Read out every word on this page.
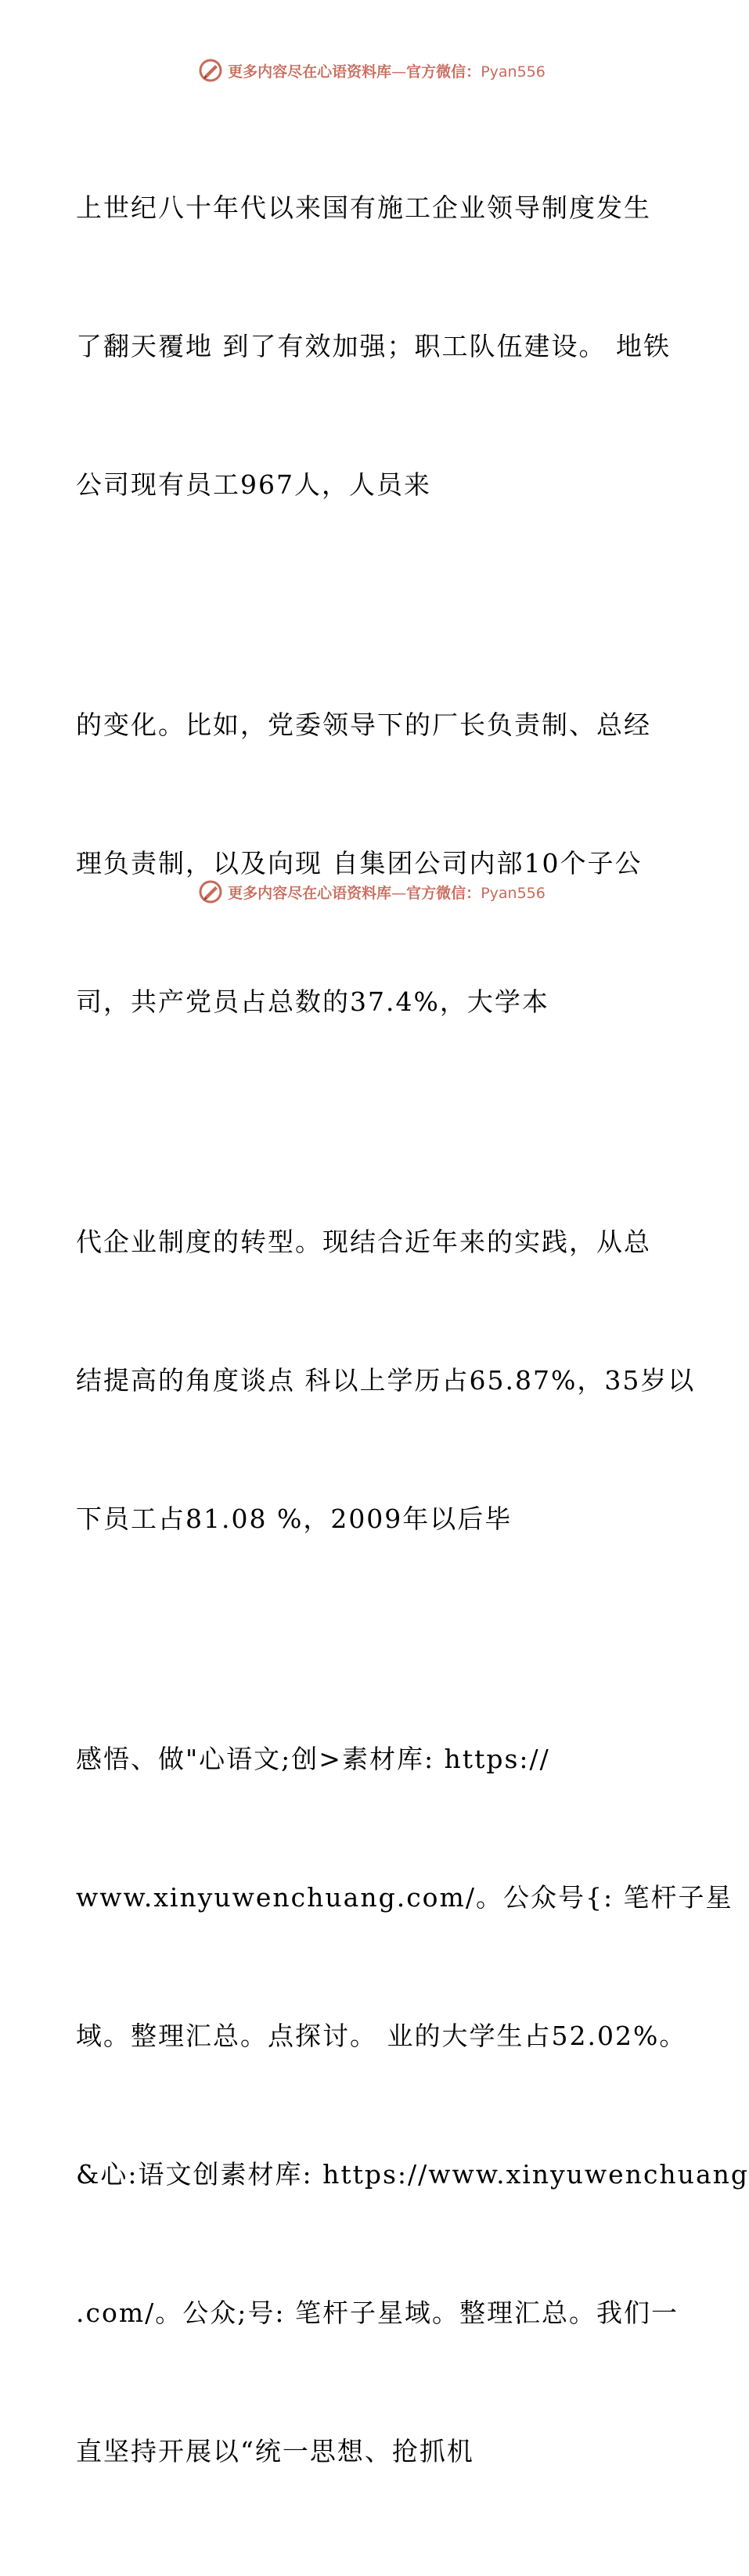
更多内容尽在心语资料库—官方微信：Pyan556

上世纪八十年代以来国有施工企业领导制度发生

了翻天覆地 到了有效加强；职工队伍建设。 地铁

公司现有员工967人，人员来

的变化。比如，党委领导下的厂长负责制、总经

理负责制，以及向现 自集团公司内部10个子公

司，共产党员占总数的37.4%，大学本

代企业制度的转型。现结合近年来的实践，从总

结提高的角度谈点 科以上学历占65.87%，35岁以

下员工占81.08 %，2009年以后毕

感悟、做"心语文;创>素材库: https://

www.xinyuwenchuang.com/。公众号{: 笔杆子星

域。整理汇总。点探讨。 业的大学生占52.02%。

&心:语文创素材库: https://www.xinyuwenchuang

.com/。公众;号: 笔杆子星域。整理汇总。我们一

直坚持开展以“统一思想、抢抓机

更多内容尽在心语资料库—官方微信：Pyan556
